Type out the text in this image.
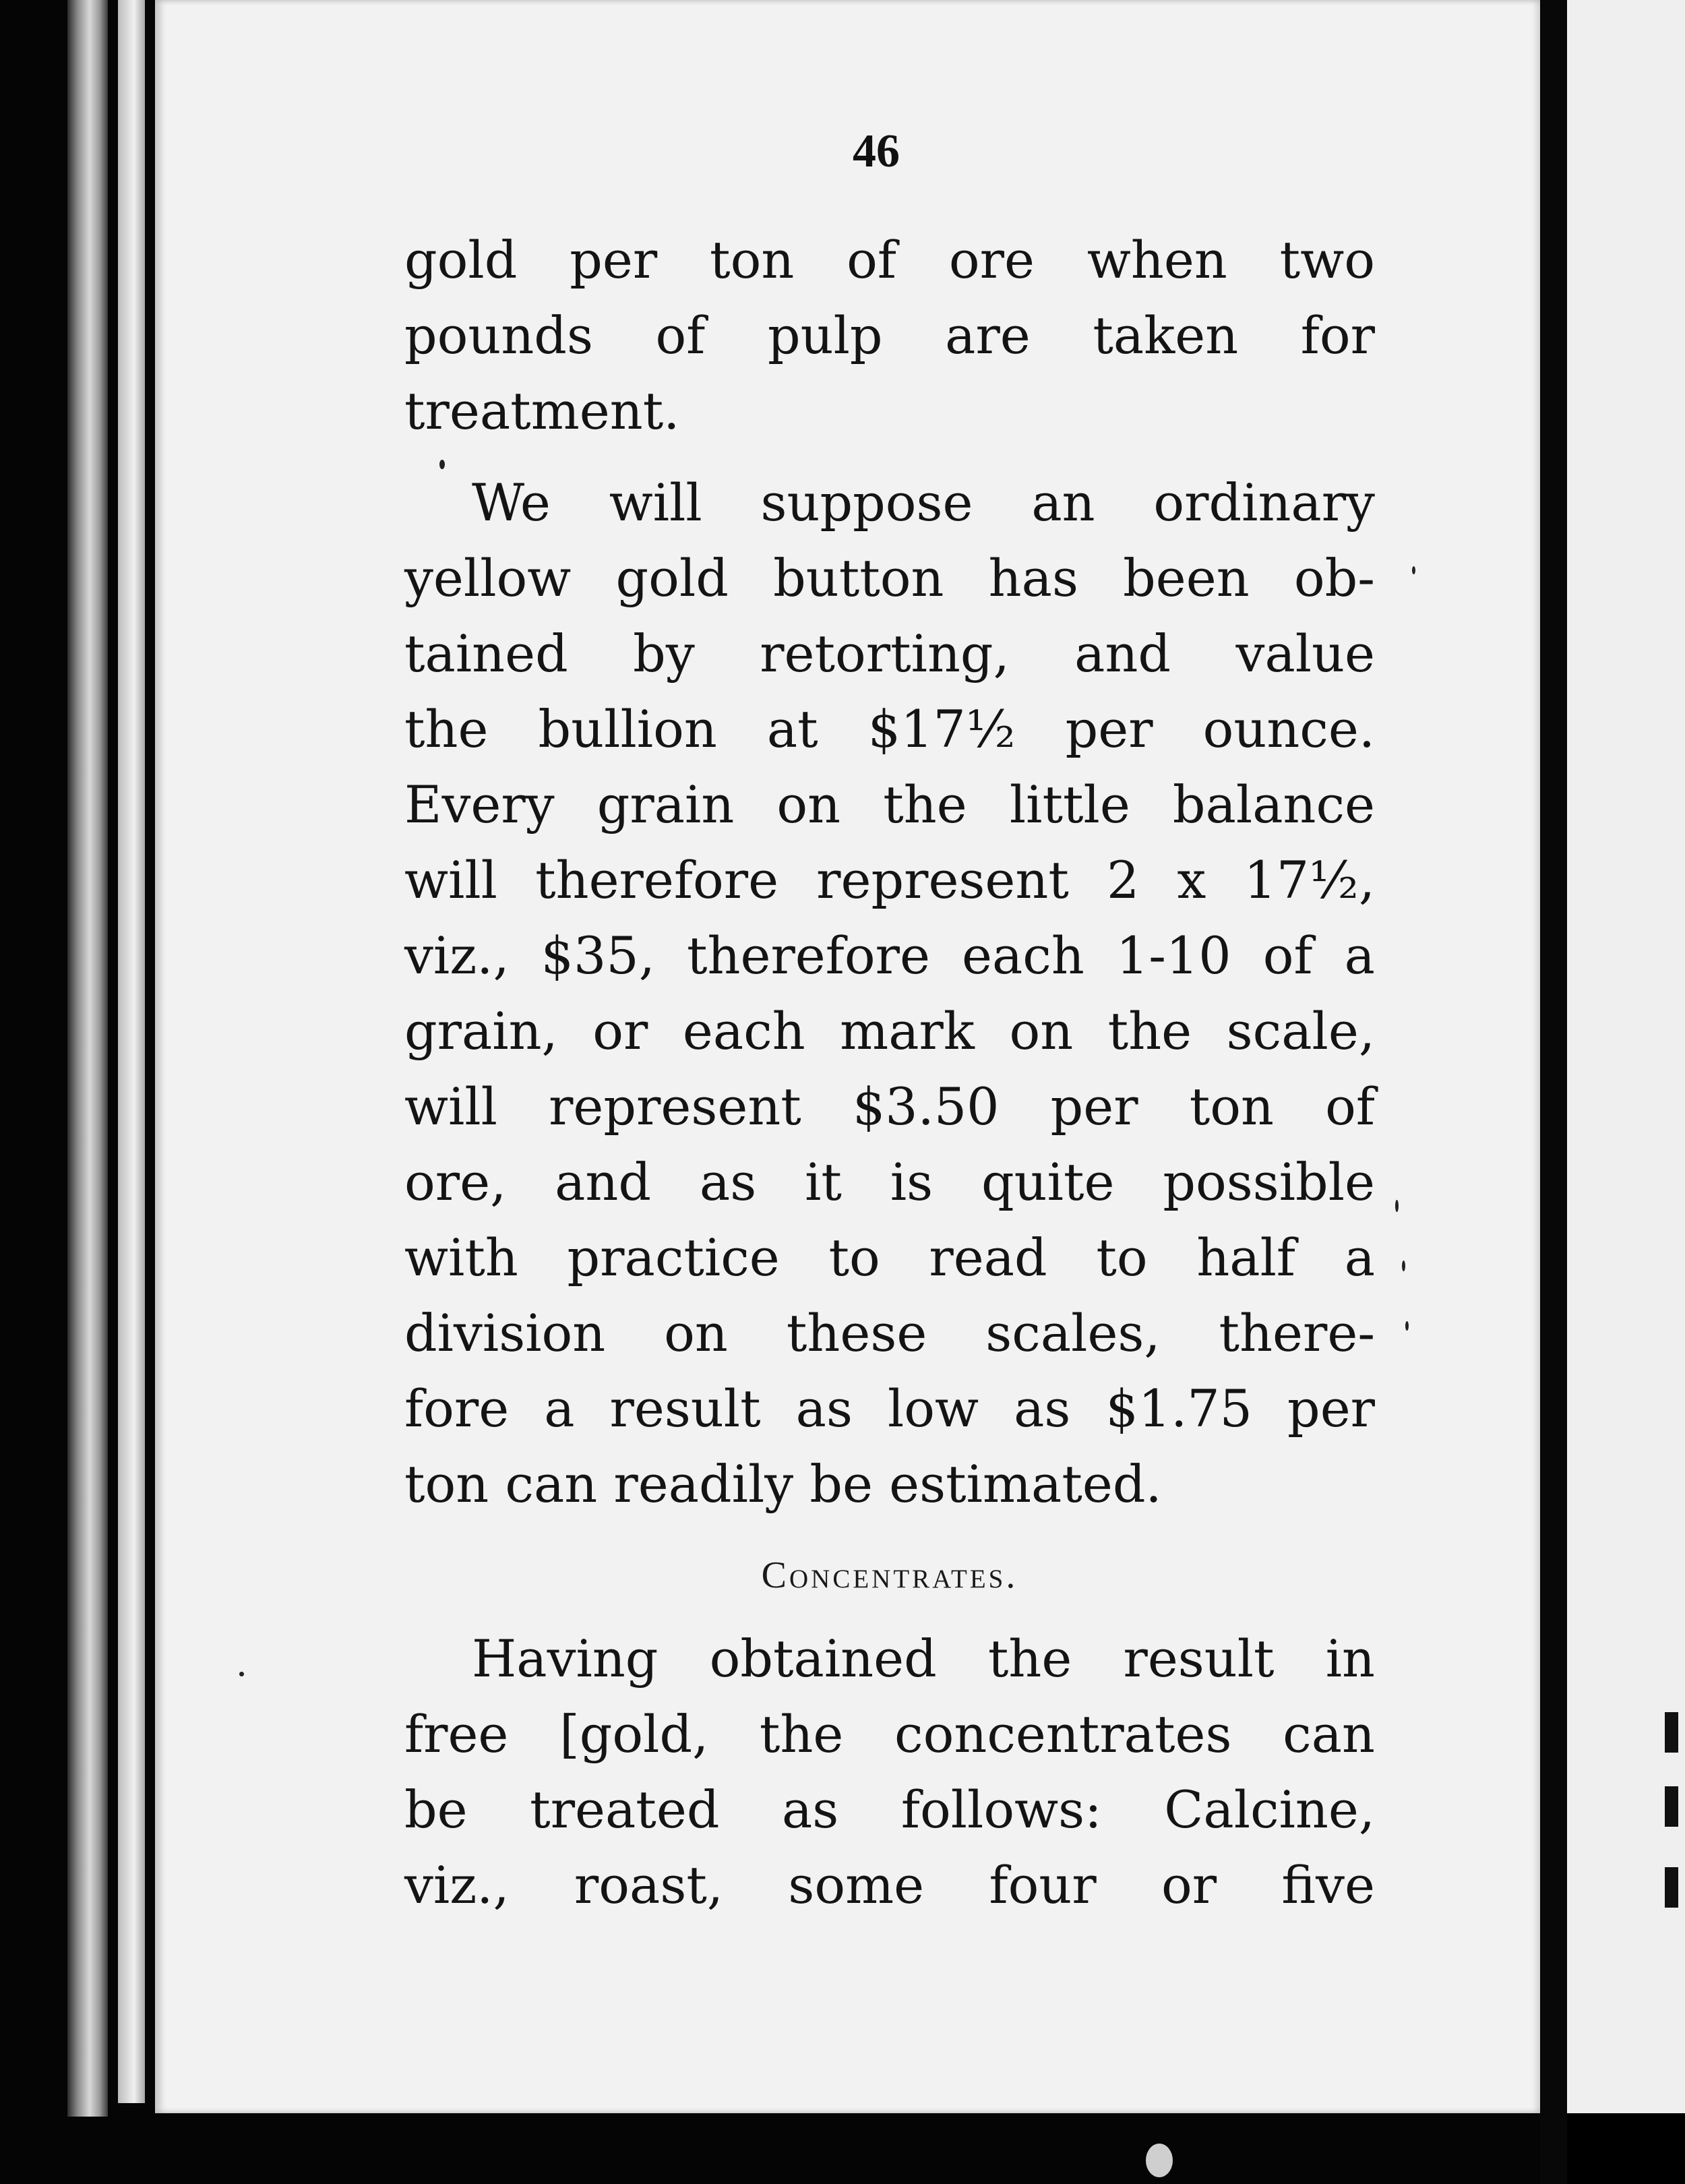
46
gold per ton of ore when two
pounds of pulp are taken for
treatment.
We will suppose an ordinary
yellow gold button has been ob-
tained by retorting, and value
the bullion at $17½ per ounce.
Every grain on the little balance
will therefore represent 2 x 17½,
viz., $35, therefore each 1-10 of a
grain, or each mark on the scale,
will represent $3.50 per ton of
ore, and as it is quite possible
with practice to read to half a
division on these scales, there-
fore a result as low as $1.75 per
ton can readily be estimated.
Concentrates.
Having obtained the result in
free [gold, the concentrates can
be treated as follows: Calcine,
viz., roast, some four or five
